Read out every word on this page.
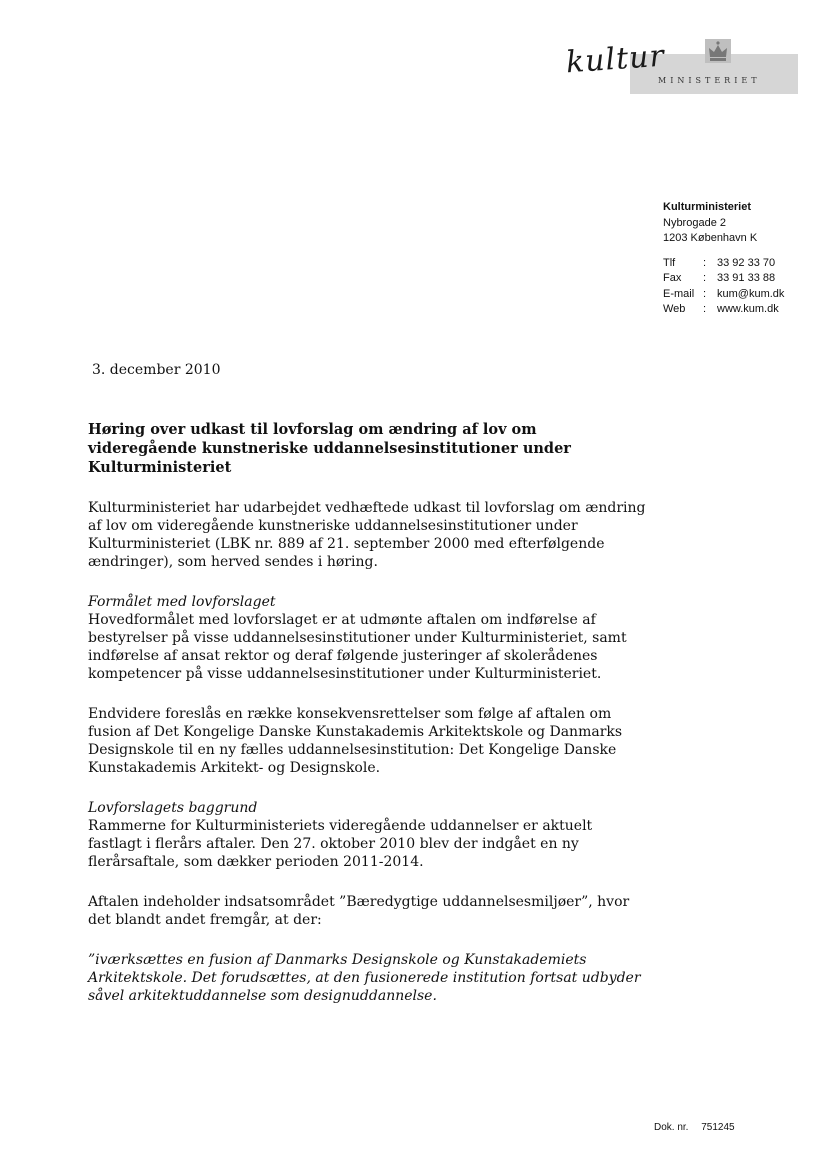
kultur
MINISTERIET
Kulturministeriet
Nybrogade 2
1203 København K
Tlf	:	33 92 33 70
Fax	:	33 91 33 88
E-mail	:	kum@kum.dk
Web	:	www.kum.dk
3. december 2010
Høring over udkast til lovforslag om ændring af lov om videregående kunstneriske uddannelsesinstitutioner under Kulturministeriet

Kulturministeriet har udarbejdet vedhæftede udkast til lovforslag om ændring af lov om videregående kunstneriske uddannelsesinstitutioner under Kulturministeriet (LBK nr. 889 af 21. september 2000 med efterfølgende ændringer), som herved sendes i høring.

Formålet med lovforslaget
Hovedformålet med lovforslaget er at udmønte aftalen om indførelse af bestyrelser på visse uddannelsesinstitutioner under Kulturministeriet, samt indførelse af ansat rektor og deraf følgende justeringer af skolerådenes kompetencer på visse uddannelsesinstitutioner under Kulturministeriet.

Endvidere foreslås en række konsekvensrettelser som følge af aftalen om fusion af Det Kongelige Danske Kunstakademis Arkitektskole og Danmarks Designskole til en ny fælles uddannelsesinstitution: Det Kongelige Danske Kunstakademis Arkitekt- og Designskole.

Lovforslagets baggrund
Rammerne for Kulturministeriets videregående uddannelser er aktuelt fastlagt i flerårs aftaler. Den 27. oktober 2010 blev der indgået en ny flerårsaftale, som dækker perioden 2011-2014.

Aftalen indeholder indsatsområdet ”Bæredygtige uddannelsesmiljøer”, hvor det blandt andet fremgår, at der:

”iværksættes en fusion af Danmarks Designskole og Kunstakademiets Arkitektskole. Det forudsættes, at den fusionerede institution fortsat udbyder såvel arkitektuddannelse som designuddannelse.

Dok. nr. 751245
